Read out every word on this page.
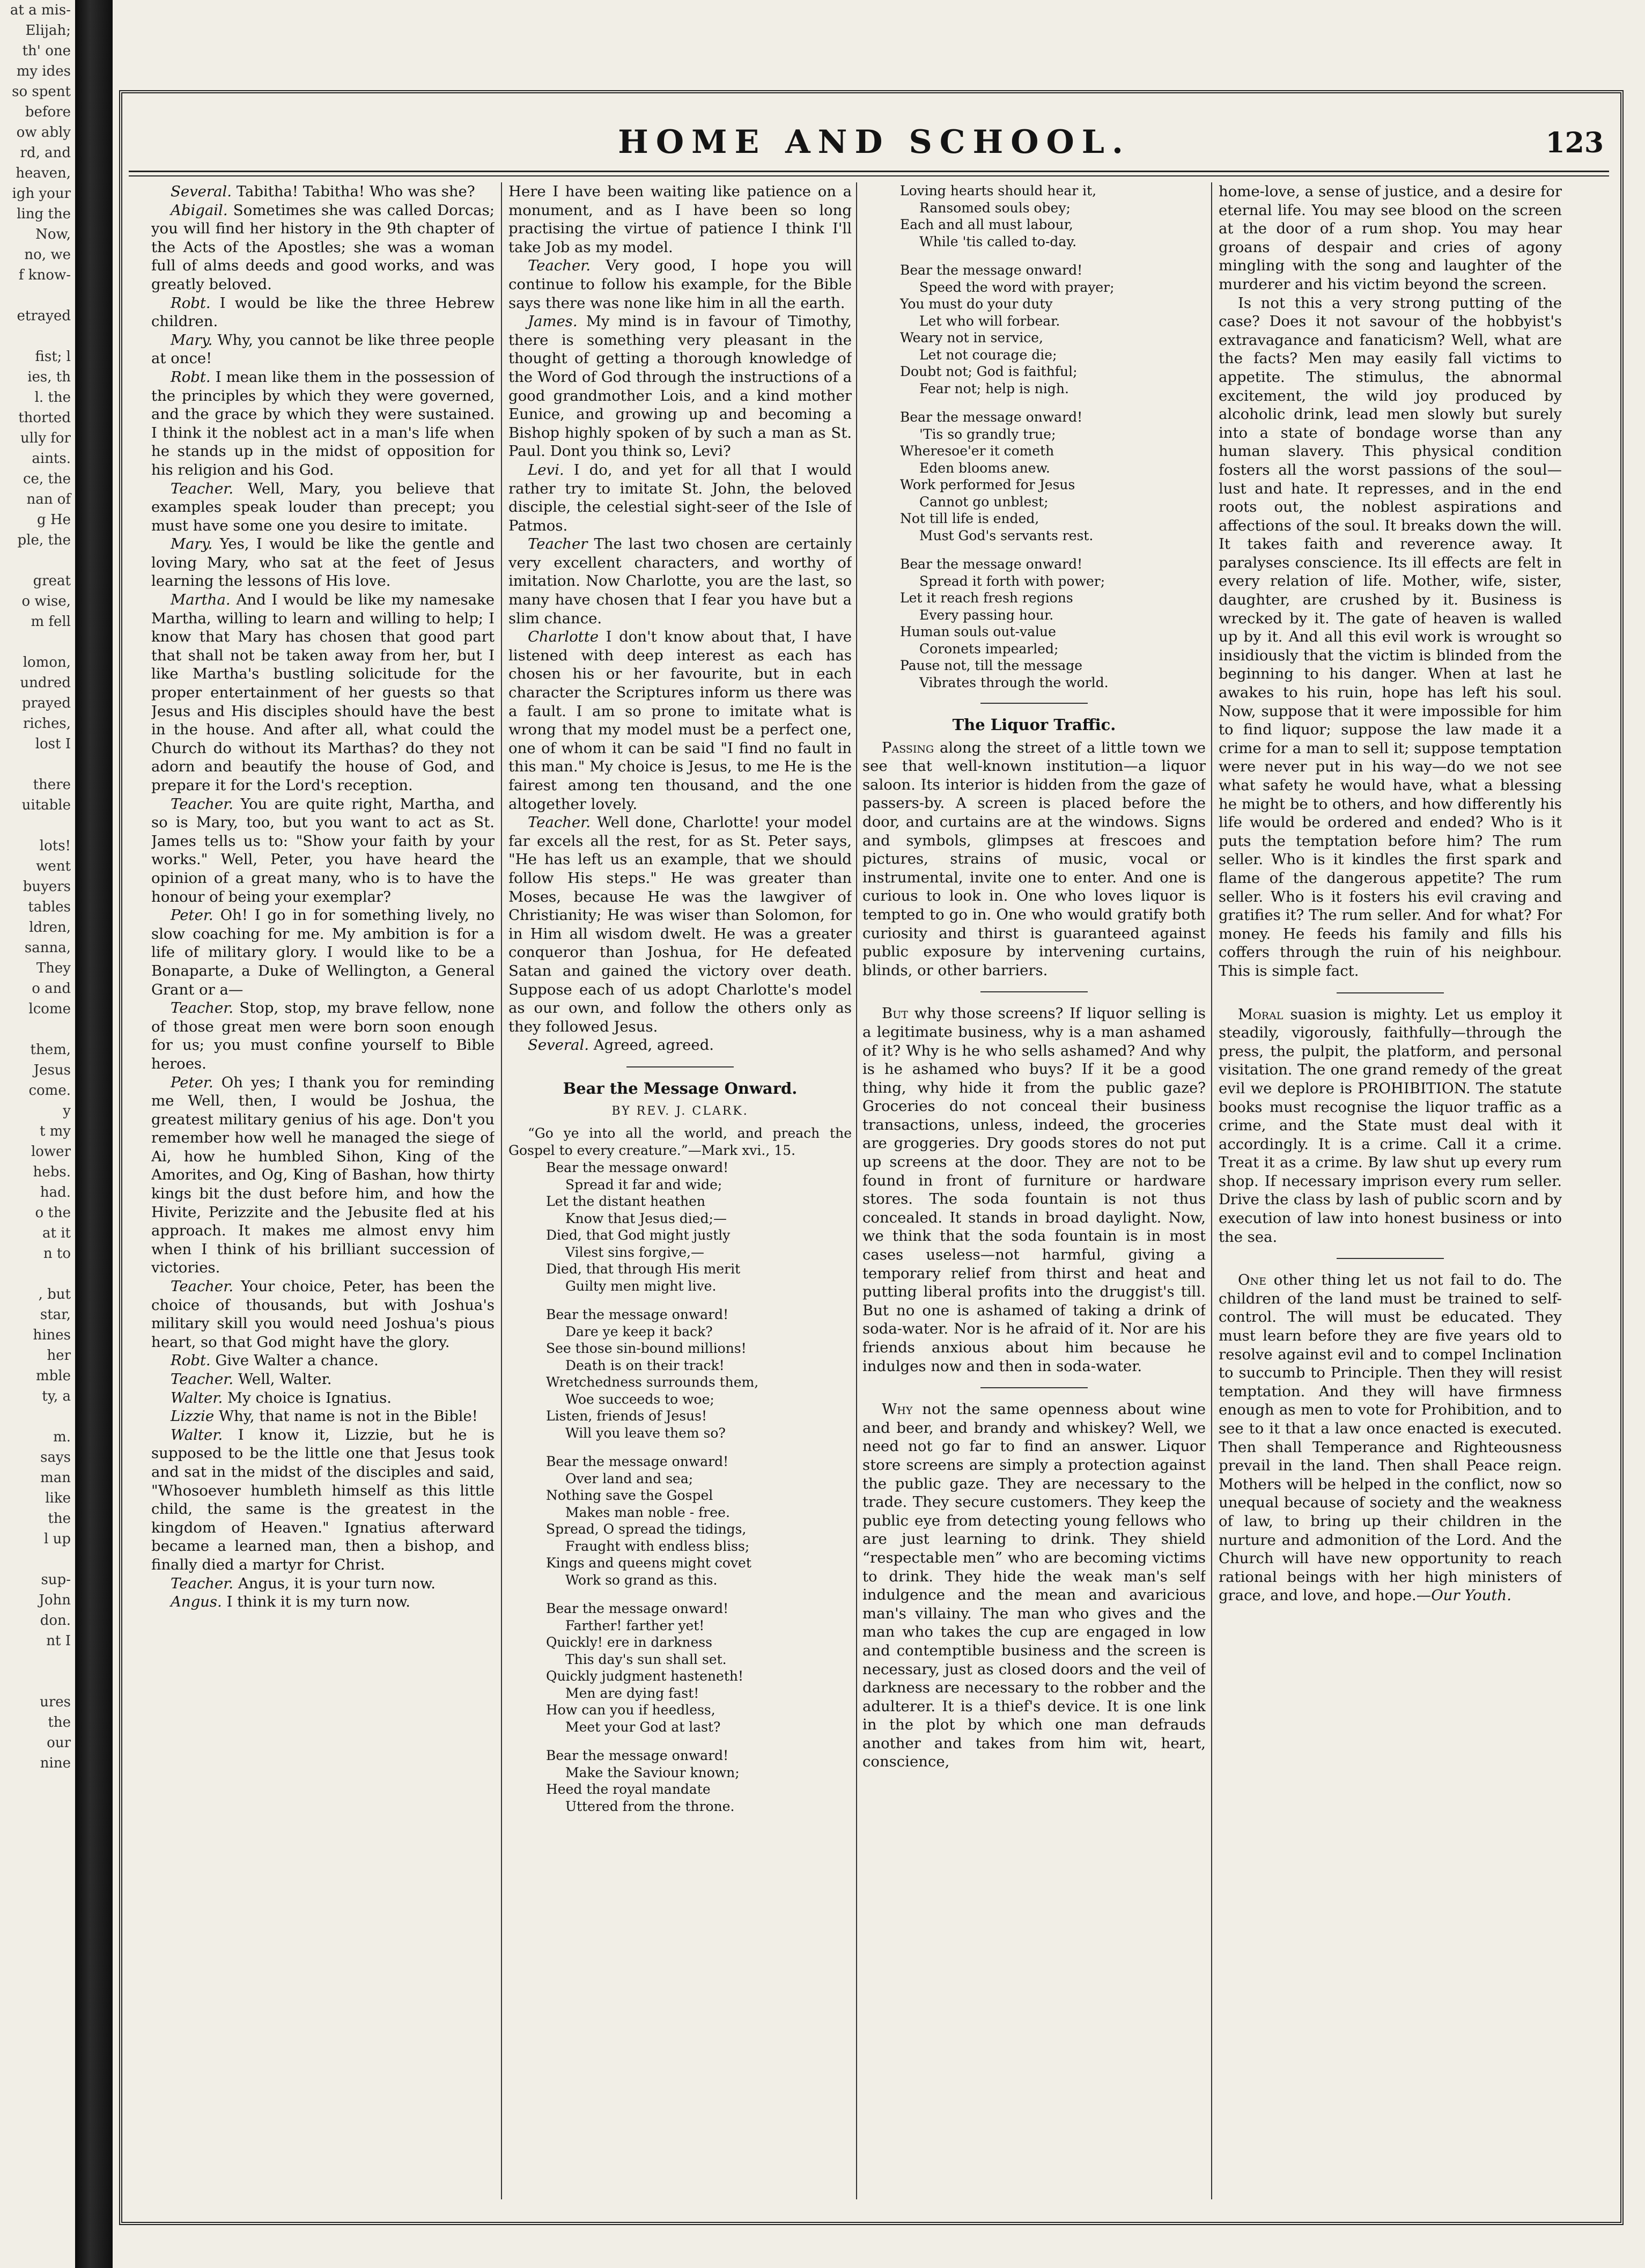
at a mis-
Elijah;
th' one
my ides
so spent
before
ow ably
rd, and
heaven,
igh your
ling the
Now,
no, we
f know-
etrayed
fist; l
ies, th
l. the
thorted
ully for
aints.
ce, the
nan of
g He
ple, the
great
o wise,
m fell
lomon,
undred
prayed
riches,
lost I
there
uitable
lots!
went
buyers
tables
ldren,
sanna,
They
o and
lcome
them,
Jesus
come.
y
t my
lower
hebs.
had.
o the
at it
n to
, but
star,
hines
her
mble
ty, a
m.
says
man
like
the
l up
sup-
John
don.
nt I
ures
the
our
nine
HOME AND SCHOOL.	123

Several. Tabitha! Tabitha! Who was she?

Abigail. Sometimes she was called Dorcas; you will find her history in the 9th chapter of the Acts of the Apostles; she was a woman full of alms deeds and good works, and was greatly beloved.

Robt. I would be like the three Hebrew children.

Mary. Why, you cannot be like three people at once!

Robt. I mean like them in the possession of the principles by which they were governed, and the grace by which they were sustained. I think it the noblest act in a man's life when he stands up in the midst of opposition for his religion and his God.

Teacher. Well, Mary, you believe that examples speak louder than precept; you must have some one you desire to imitate.

Mary. Yes, I would be like the gentle and loving Mary, who sat at the feet of Jesus learning the lessons of His love.

Martha. And I would be like my namesake Martha, willing to learn and willing to help; I know that Mary has chosen that good part that shall not be taken away from her, but I like Martha's bustling solicitude for the proper entertainment of her guests so that Jesus and His disciples should have the best in the house. And after all, what could the Church do without its Marthas? do they not adorn and beautify the house of God, and prepare it for the Lord's reception.

Teacher. You are quite right, Martha, and so is Mary, too, but you want to act as St. James tells us to: "Show your faith by your works." Well, Peter, you have heard the opinion of a great many, who is to have the honour of being your exemplar?

Peter. Oh! I go in for something lively, no slow coaching for me. My ambition is for a life of military glory. I would like to be a Bonaparte, a Duke of Wellington, a General Grant or a—

Teacher. Stop, stop, my brave fellow, none of those great men were born soon enough for us; you must confine yourself to Bible heroes.

Peter. Oh yes; I thank you for reminding me Well, then, I would be Joshua, the greatest military genius of his age. Don't you remember how well he managed the siege of Ai, how he humbled Sihon, King of the Amorites, and Og, King of Bashan, how thirty kings bit the dust before him, and how the Hivite, Perizzite and the Jebusite fled at his approach. It makes me almost envy him when I think of his brilliant succession of victories.

Teacher. Your choice, Peter, has been the choice of thousands, but with Joshua's military skill you would need Joshua's pious heart, so that God might have the glory.

Robt. Give Walter a chance.

Teacher. Well, Walter.

Walter. My choice is Ignatius.

Lizzie Why, that name is not in the Bible!

Walter. I know it, Lizzie, but he is supposed to be the little one that Jesus took and sat in the midst of the disciples and said, "Whosoever humbleth himself as this little child, the same is the greatest in the kingdom of Heaven." Ignatius afterward became a learned man, then a bishop, and finally died a martyr for Christ.

Teacher. Angus, it is your turn now.

Angus. I think it is my turn now.

Here I have been waiting like patience on a monument, and as I have been so long practising the virtue of patience I think I'll take Job as my model.

Teacher. Very good, I hope you will continue to follow his example, for the Bible says there was none like him in all the earth.

James. My mind is in favour of Timothy, there is something very pleasant in the thought of getting a thorough knowledge of the Word of God through the instructions of a good grandmother Lois, and a kind mother Eunice, and growing up and becoming a Bishop highly spoken of by such a man as St. Paul. Dont you think so, Levi?

Levi. I do, and yet for all that I would rather try to imitate St. John, the beloved disciple, the celestial sight-seer of the Isle of Patmos.

Teacher The last two chosen are certainly very excellent characters, and worthy of imitation. Now Charlotte, you are the last, so many have chosen that I fear you have but a slim chance.

Charlotte I don't know about that, I have listened with deep interest as each has chosen his or her favourite, but in each character the Scriptures inform us there was a fault. I am so prone to imitate what is wrong that my model must be a perfect one, one of whom it can be said "I find no fault in this man." My choice is Jesus, to me He is the fairest among ten thousand, and the one altogether lovely.

Teacher. Well done, Charlotte! your model far excels all the rest, for as St. Peter says, "He has left us an example, that we should follow His steps." He was greater than Moses, because He was the lawgiver of Christianity; He was wiser than Solomon, for in Him all wisdom dwelt. He was a greater conqueror than Joshua, for He defeated Satan and gained the victory over death. Suppose each of us adopt Charlotte's model as our own, and follow the others only as they followed Jesus.

Several. Agreed, agreed.

Bear the Message Onward.
BY REV. J. CLARK.

“Go ye into all the world, and preach the Gospel to every creature.”—Mark xvi., 15.

Bear the message onward!
Spread it far and wide;
Let the distant heathen
Know that Jesus died;—
Died, that God might justly
Vilest sins forgive,—
Died, that through His merit
Guilty men might live.
Bear the message onward!
Dare ye keep it back?
See those sin-bound millions!
Death is on their track!
Wretchedness surrounds them,
Woe succeeds to woe;
Listen, friends of Jesus!
Will you leave them so?
Bear the message onward!
Over land and sea;
Nothing save the Gospel
Makes man noble - free.
Spread, O spread the tidings,
Fraught with endless bliss;
Kings and queens might covet
Work so grand as this.
Bear the message onward!
Farther! farther yet!
Quickly! ere in darkness
This day's sun shall set.
Quickly judgment hasteneth!
Men are dying fast!
How can you if heedless,
Meet your God at last?
Bear the message onward!
Make the Saviour known;
Heed the royal mandate
Uttered from the throne.
Loving hearts should hear it,
Ransomed souls obey;
Each and all must labour,
While 'tis called to-day.
Bear the message onward!
Speed the word with prayer;
You must do your duty
Let who will forbear.
Weary not in service,
Let not courage die;
Doubt not; God is faithful;
Fear not; help is nigh.
Bear the message onward!
'Tis so grandly true;
Wheresoe'er it cometh
Eden blooms anew.
Work performed for Jesus
Cannot go unblest;
Not till life is ended,
Must God's servants rest.
Bear the message onward!
Spread it forth with power;
Let it reach fresh regions
Every passing hour.
Human souls out-value
Coronets impearled;
Pause not, till the message
Vibrates through the world.
The Liquor Traffic.

Passing along the street of a little town we see that well-known institution—a liquor saloon. Its interior is hidden from the gaze of passers-by. A screen is placed before the door, and curtains are at the windows. Signs and symbols, glimpses at frescoes and pictures, strains of music, vocal or instrumental, invite one to enter. And one is curious to look in. One who loves liquor is tempted to go in. One who would gratify both curiosity and thirst is guaranteed against public exposure by intervening curtains, blinds, or other barriers.

But why those screens? If liquor selling is a legitimate business, why is a man ashamed of it? Why is he who sells ashamed? And why is he ashamed who buys? If it be a good thing, why hide it from the public gaze? Groceries do not conceal their business transactions, unless, indeed, the groceries are groggeries. Dry goods stores do not put up screens at the door. They are not to be found in front of furniture or hardware stores. The soda fountain is not thus concealed. It stands in broad daylight. Now, we think that the soda fountain is in most cases useless—not harmful, giving a temporary relief from thirst and heat and putting liberal profits into the druggist's till. But no one is ashamed of taking a drink of soda-water. Nor is he afraid of it. Nor are his friends anxious about him because he indulges now and then in soda-water.

Why not the same openness about wine and beer, and brandy and whiskey? Well, we need not go far to find an answer. Liquor store screens are simply a protection against the public gaze. They are necessary to the trade. They secure customers. They keep the public eye from detecting young fellows who are just learning to drink. They shield “respectable men” who are becoming victims to drink. They hide the weak man's self indulgence and the mean and avaricious man's villainy. The man who gives and the man who takes the cup are engaged in low and contemptible business and the screen is necessary, just as closed doors and the veil of darkness are necessary to the robber and the adulterer. It is a thief's device. It is one link in the plot by which one man defrauds another and takes from him wit, heart, conscience,

home-love, a sense of justice, and a desire for eternal life. You may see blood on the screen at the door of a rum shop. You may hear groans of despair and cries of agony mingling with the song and laughter of the murderer and his victim beyond the screen.

Is not this a very strong putting of the case? Does it not savour of the hobbyist's extravagance and fanaticism? Well, what are the facts? Men may easily fall victims to appetite. The stimulus, the abnormal excitement, the wild joy produced by alcoholic drink, lead men slowly but surely into a state of bondage worse than any human slavery. This physical condition fosters all the worst passions of the soul—lust and hate. It represses, and in the end roots out, the noblest aspirations and affections of the soul. It breaks down the will. It takes faith and reverence away. It paralyses conscience. Its ill effects are felt in every relation of life. Mother, wife, sister, daughter, are crushed by it. Business is wrecked by it. The gate of heaven is walled up by it. And all this evil work is wrought so insidiously that the victim is blinded from the beginning to his danger. When at last he awakes to his ruin, hope has left his soul. Now, suppose that it were impossible for him to find liquor; suppose the law made it a crime for a man to sell it; suppose temptation were never put in his way—do we not see what safety he would have, what a blessing he might be to others, and how differently his life would be ordered and ended? Who is it puts the temptation before him? The rum seller. Who is it kindles the first spark and flame of the dangerous appetite? The rum seller. Who is it fosters his evil craving and gratifies it? The rum seller. And for what? For money. He feeds his family and fills his coffers through the ruin of his neighbour. This is simple fact.

Moral suasion is mighty. Let us employ it steadily, vigorously, faithfully—through the press, the pulpit, the platform, and personal visitation. The one grand remedy of the great evil we deplore is PROHIBITION. The statute books must recognise the liquor traffic as a crime, and the State must deal with it accordingly. It is a crime. Call it a crime. Treat it as a crime. By law shut up every rum shop. If necessary imprison every rum seller. Drive the class by lash of public scorn and by execution of law into honest business or into the sea.

One other thing let us not fail to do. The children of the land must be trained to self-control. The will must be educated. They must learn before they are five years old to resolve against evil and to compel Inclination to succumb to Principle. Then they will resist temptation. And they will have firmness enough as men to vote for Prohibition, and to see to it that a law once enacted is executed. Then shall Temperance and Righteousness prevail in the land. Then shall Peace reign. Mothers will be helped in the conflict, now so unequal because of society and the weakness of law, to bring up their children in the nurture and admonition of the Lord. And the Church will have new opportunity to reach rational beings with her high ministers of grace, and love, and hope.—Our Youth.
